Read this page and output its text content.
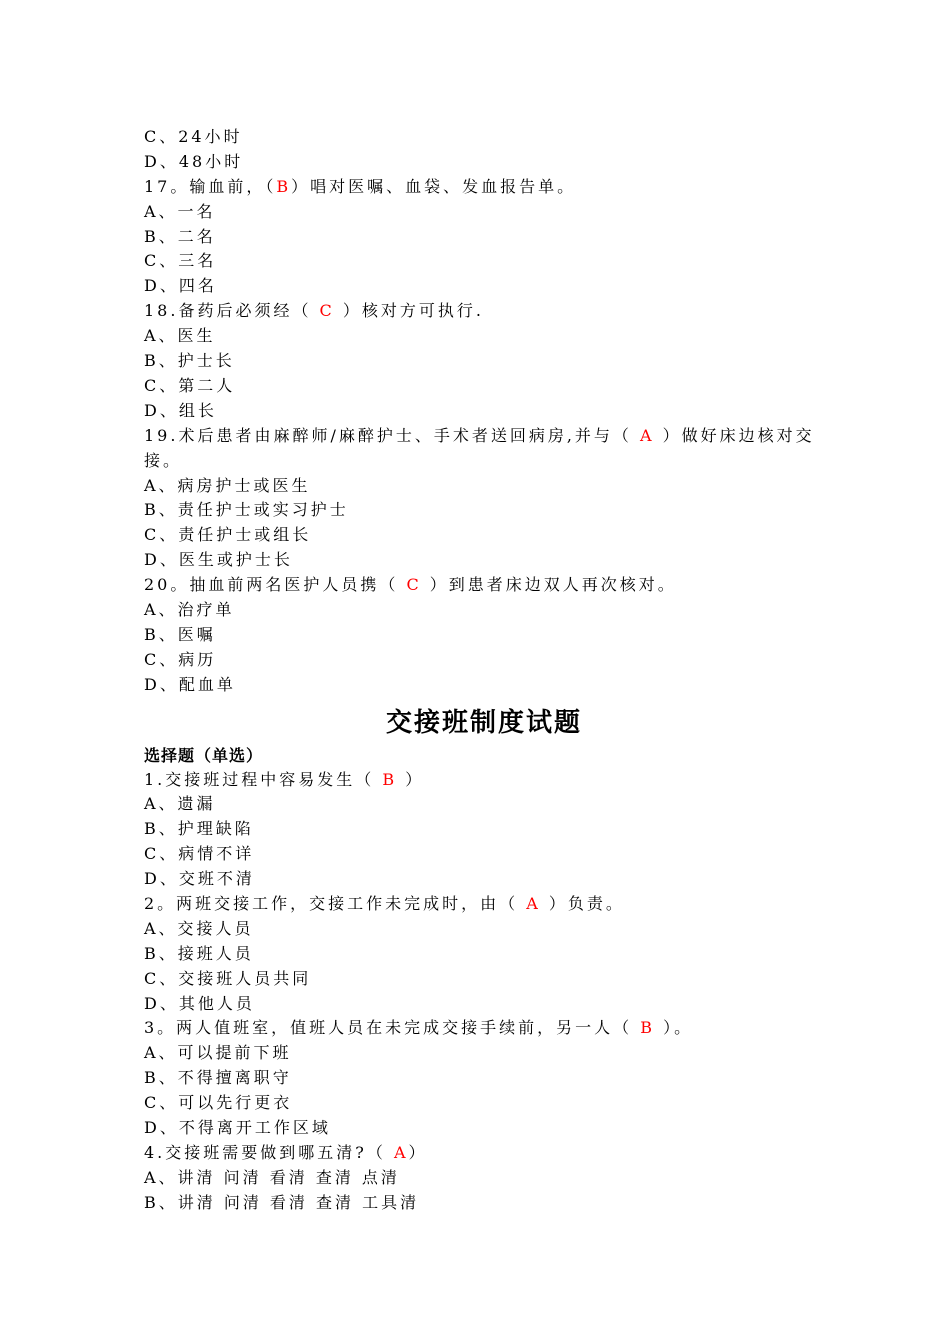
C、24小时
D、48小时
17。输血前，（B）唱对医嘱、血袋、发血报告单。
A、一名
B、二名
C、三名
D、四名
18.备药后必须经（ C ）核对方可执行.
A、医生
B、护士长
C、第二人
D、组长
19.术后患者由麻醉师/麻醉护士、手术者送回病房,并与（ A ）做好床边核对交接。
A、病房护士或医生
B、责任护士或实习护士
C、责任护士或组长
D、医生或护士长
20。抽血前两名医护人员携（ C ）到患者床边双人再次核对。
A、治疗单
B、医嘱
C、病历
D、配血单
交接班制度试题
选择题（单选）
1.交接班过程中容易发生（ B ）
A、遗漏
B、护理缺陷
C、病情不详
D、交班不清
2。两班交接工作，交接工作未完成时，由（ A ）负责。
A、交接人员
B、接班人员
C、交接班人员共同
D、其他人员
3。两人值班室，值班人员在未完成交接手续前，另一人（ B ）。
A、可以提前下班
B、不得擅离职守
C、可以先行更衣
D、不得离开工作区域
4.交接班需要做到哪五清?（ A）
A、讲清 问清 看清 查清 点清
B、讲清 问清 看清 查清 工具清
